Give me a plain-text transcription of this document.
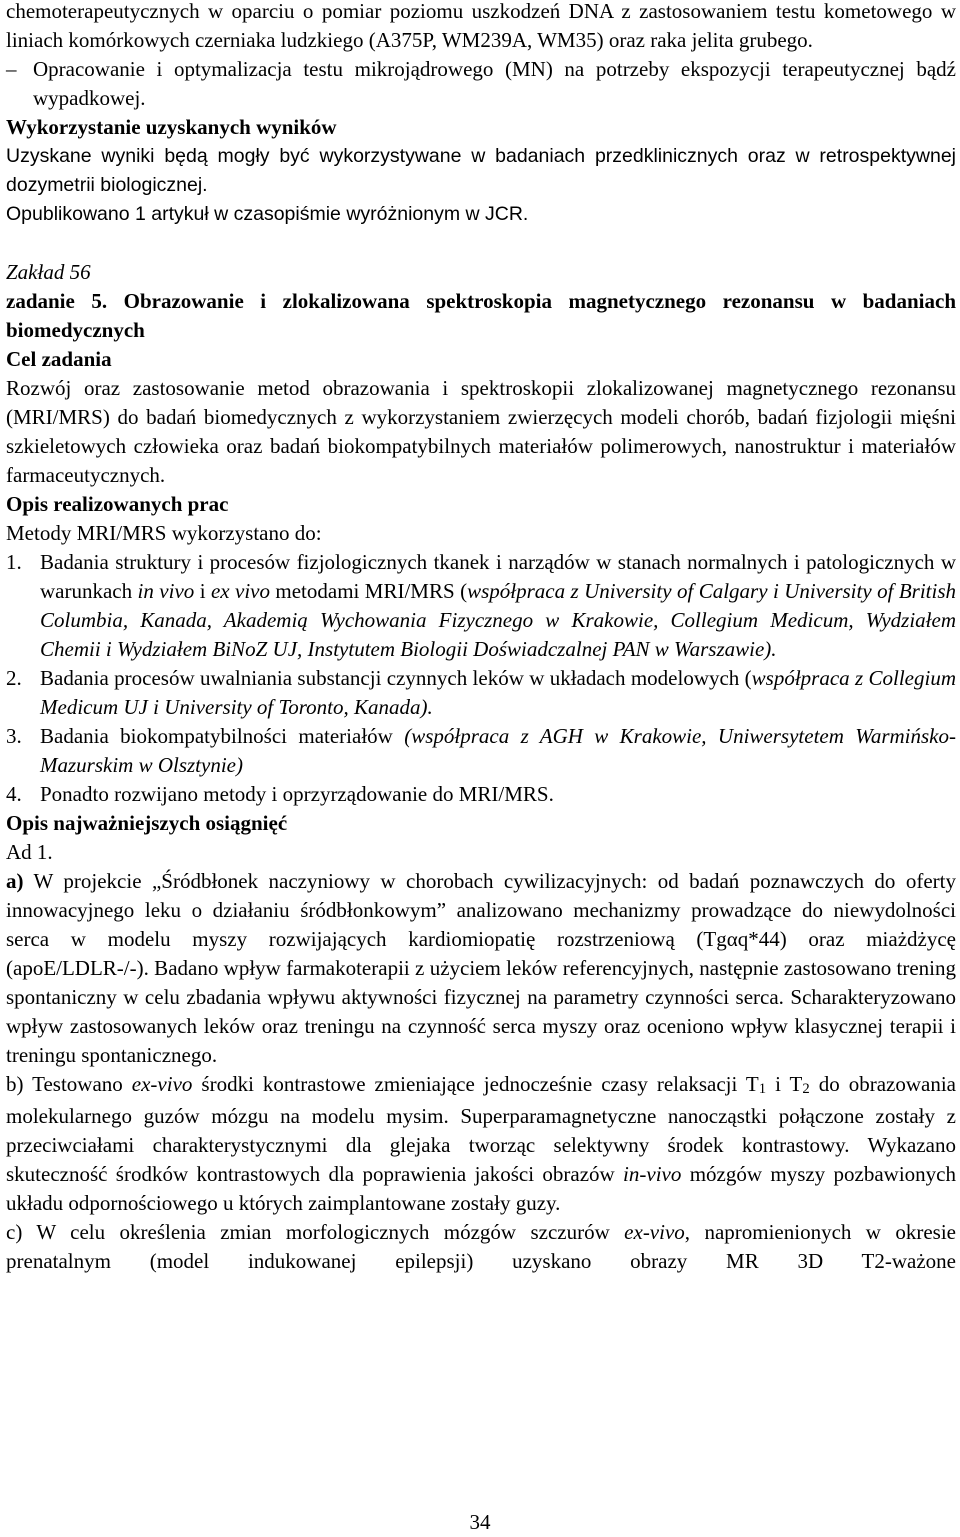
chemoterapeutycznych w oparciu o pomiar poziomu uszkodzeń DNA z zastosowaniem testu kometowego w liniach komórkowych czerniaka ludzkiego (A375P, WM239A, WM35) oraz raka jelita grubego.

– Opracowanie i optymalizacja testu mikrojądrowego (MN) na potrzeby ekspozycji terapeutycznej bądź wypadkowej.

Wykorzystanie uzyskanych wyników

Uzyskane wyniki będą mogły być wykorzystywane w badaniach przedklinicznych oraz w retrospektywnej dozymetrii biologicznej.

Opublikowano 1 artykuł w czasopiśmie wyróżnionym w JCR.

Zakład 56

zadanie 5. Obrazowanie i zlokalizowana spektroskopia magnetycznego rezonansu w badaniach biomedycznych

Cel zadania

Rozwój oraz zastosowanie metod obrazowania i spektroskopii zlokalizowanej magnetycznego rezonansu (MRI/MRS) do badań biomedycznych z wykorzystaniem zwierzęcych modeli chorób, badań fizjologii mięśni szkieletowych człowieka oraz badań biokompatybilnych materiałów polimerowych, nanostruktur i materiałów farmaceutycznych.

Opis realizowanych prac

Metody MRI/MRS wykorzystano do:

1. Badania struktury i procesów fizjologicznych tkanek i narządów w stanach normalnych i patologicznych w warunkach in vivo i ex vivo metodami MRI/MRS (współpraca z University of Calgary i University of British Columbia, Kanada, Akademią Wychowania Fizycznego w Krakowie, Collegium Medicum, Wydziałem Chemii i Wydziałem BiNoZ UJ, Instytutem Biologii Doświadczalnej PAN w Warszawie).
2. Badania procesów uwalniania substancji czynnych leków w układach modelowych (współpraca z Collegium Medicum UJ i University of Toronto, Kanada).
3. Badania biokompatybilności materiałów (współpraca z AGH w Krakowie, Uniwersytetem Warmińsko-Mazurskim w Olsztynie)
4. Ponadto rozwijano metody i oprzyrządowanie do MRI/MRS.

Opis najważniejszych osiągnięć

Ad 1.

a) W projekcie „Śródbłonek naczyniowy w chorobach cywilizacyjnych: od badań poznawczych do oferty innowacyjnego leku o działaniu śródbłonkowym” analizowano mechanizmy prowadzące do niewydolności serca w modelu myszy rozwijających kardiomiopatię rozstrzeniową (Tgαq*44) oraz miażdżycę (apoE/LDLR-/-). Badano wpływ farmakoterapii z użyciem leków referencyjnych, następnie zastosowano trening spontaniczny w celu zbadania wpływu aktywności fizycznej na parametry czynności serca. Scharakteryzowano wpływ zastosowanych leków oraz treningu na czynność serca myszy oraz oceniono wpływ klasycznej terapii i treningu spontanicznego.

b) Testowano ex-vivo środki kontrastowe zmieniające jednocześnie czasy relaksacji $T_1$ i $T_2$ do obrazowania molekularnego guzów mózgu na modelu mysim. Superparamagnetyczne nanocząstki połączone zostały z przeciwciałami charakterystycznymi dla glejaka tworząc selektywny środek kontrastowy. Wykazano skuteczność środków kontrastowych dla poprawienia jakości obrazów in-vivo mózgów myszy pozbawionych układu odpornościowego u których zaimplantowane zostały guzy.

c) W celu określenia zmian morfologicznych mózgów szczurów ex-vivo, napromienionych w okresie prenatalnym (model indukowanej epilepsji) uzyskano obrazy MR 3D T2-ważone

34
